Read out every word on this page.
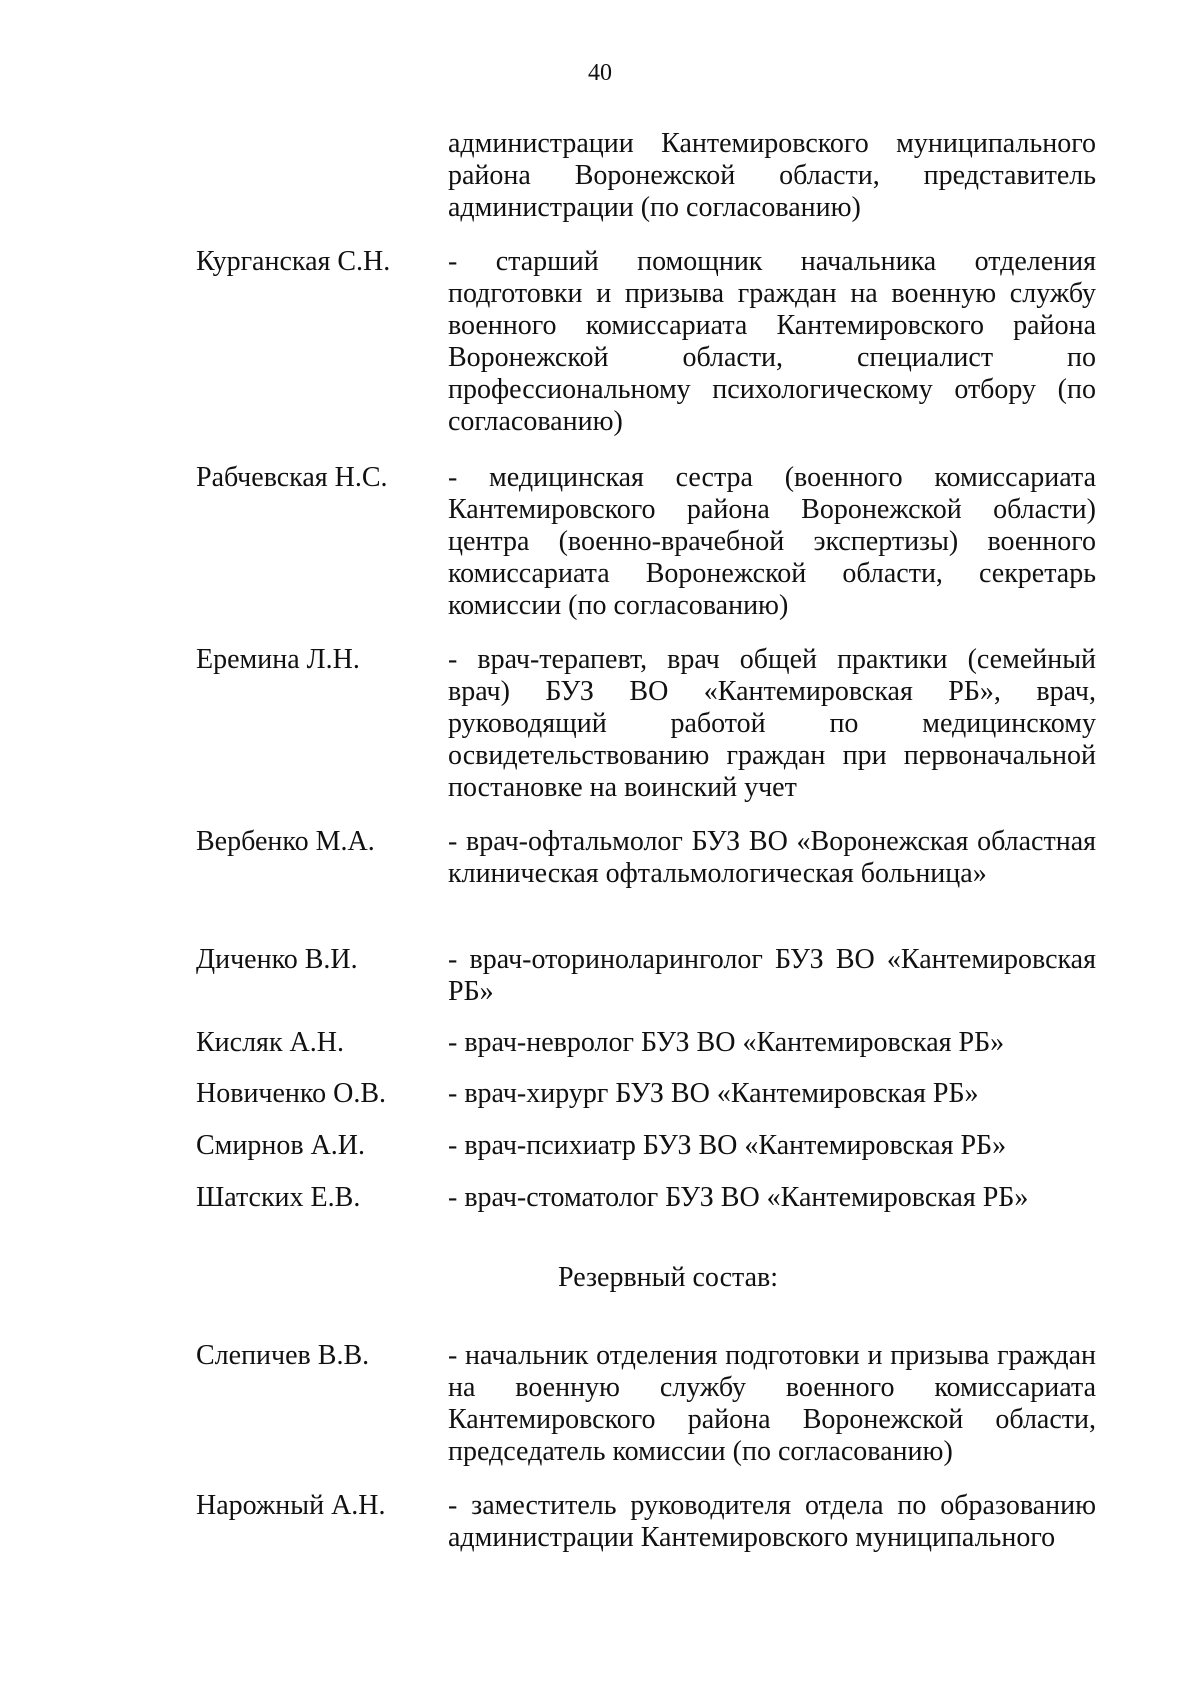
40
администрации Кантемировского муниципального района Воронежской области, представитель администрации (по согласованию)
Курганская С.Н.	- старший помощник начальника отделения подготовки и призыва граждан на военную службу военного комиссариата Кантемировского района Воронежской области, специалист по профессиональному психологическому отбору (по согласованию)
Рабчевская Н.С.	- медицинская сестра (военного комиссариата Кантемировского района Воронежской области) центра (военно-врачебной экспертизы) военного комиссариата Воронежской области, секретарь комиссии (по согласованию)
Еремина Л.Н.	- врач-терапевт, врач общей практики (семейный врач) БУЗ ВО «Кантемировская РБ», врач, руководящий работой по медицинскому освидетельствованию граждан при первоначальной постановке на воинский учет
Вербенко М.А.	- врач-офтальмолог БУЗ ВО «Воронежская областная клиническая офтальмологическая больница»
Диченко В.И.	- врач-оториноларинголог БУЗ ВО «Кантемировская РБ»
Кисляк А.Н.	- врач-невролог БУЗ ВО «Кантемировская РБ»
Новиченко О.В.	- врач-хирург БУЗ ВО «Кантемировская РБ»
Смирнов А.И.	- врач-психиатр БУЗ ВО «Кантемировская РБ»
Шатских Е.В.	- врач-стоматолог БУЗ ВО «Кантемировская РБ»
Резервный состав:
Слепичев В.В.	- начальник отделения подготовки и призыва граждан на военную службу военного комиссариата Кантемировского района Воронежской области, председатель комиссии (по согласованию)
Нарожный А.Н.	- заместитель руководителя отдела по образованию администрации Кантемировского муниципального
